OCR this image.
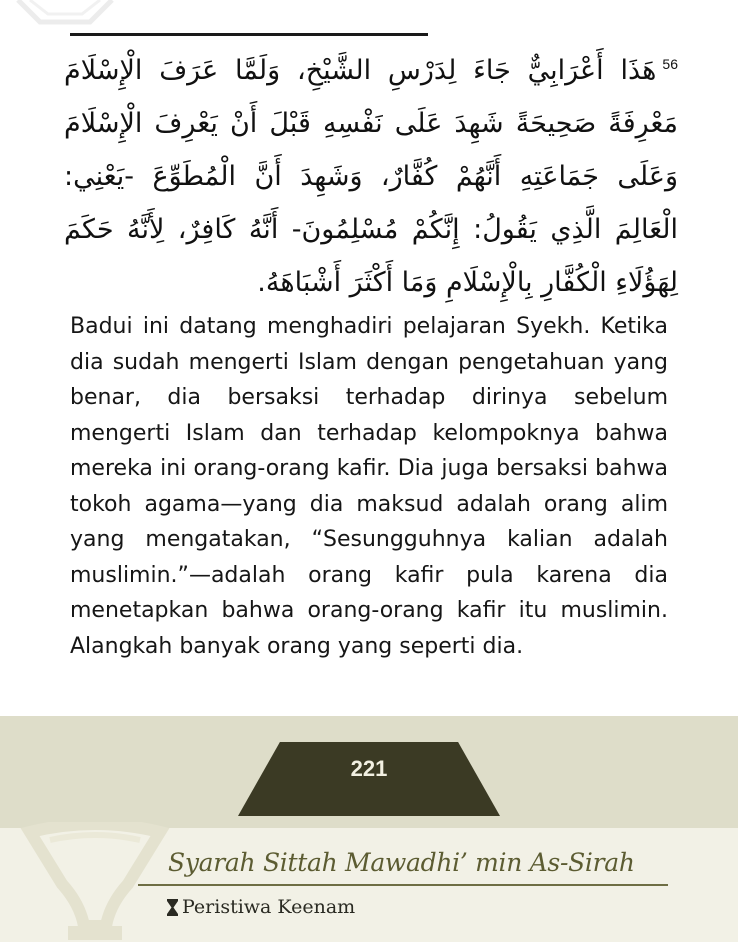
$^{56}$هَذَا أَعْرَابِيٌّ جَاءَ لِدَرْسِ الشَّيْخِ، وَلَمَّا عَرَفَ الْإِسْلَامَ مَعْرِفَةً صَحِيحَةً شَهِدَ عَلَى نَفْسِهِ قَبْلَ أَنْ يَعْرِفَ الْإِسْلَامَ وَعَلَى جَمَاعَتِهِ أَنَّهُمْ كُفَّارٌ، وَشَهِدَ أَنَّ الْمُطَوِّعَ -يَعْنِي: الْعَالِمَ الَّذِي يَقُولُ: إِنَّكُمْ مُسْلِمُونَ- أَنَّهُ كَافِرٌ، لِأَنَّهُ حَكَمَ لِهَؤُلَاءِ الْكُفَّارِ بِالْإِسْلَامِ وَمَا أَكْثَرَ أَشْبَاهَهُ.
Badui ini datang menghadiri pelajaran Syekh. Ketika dia sudah mengerti Islam dengan pengetahuan yang benar, dia bersaksi terhadap dirinya sebelum mengerti Islam dan terhadap kelompoknya bahwa mereka ini orang-orang kafir. Dia juga bersaksi bahwa tokoh agama—yang dia maksud adalah orang alim yang mengatakan, “Sesungguhnya kalian adalah muslimin.”—adalah orang kafir pula karena dia menetapkan bahwa orang-orang kafir itu muslimin. Alangkah banyak orang yang seperti dia.
221
Syarah Sittah Mawadhi’ min As-Sirah
Peristiwa Keenam
